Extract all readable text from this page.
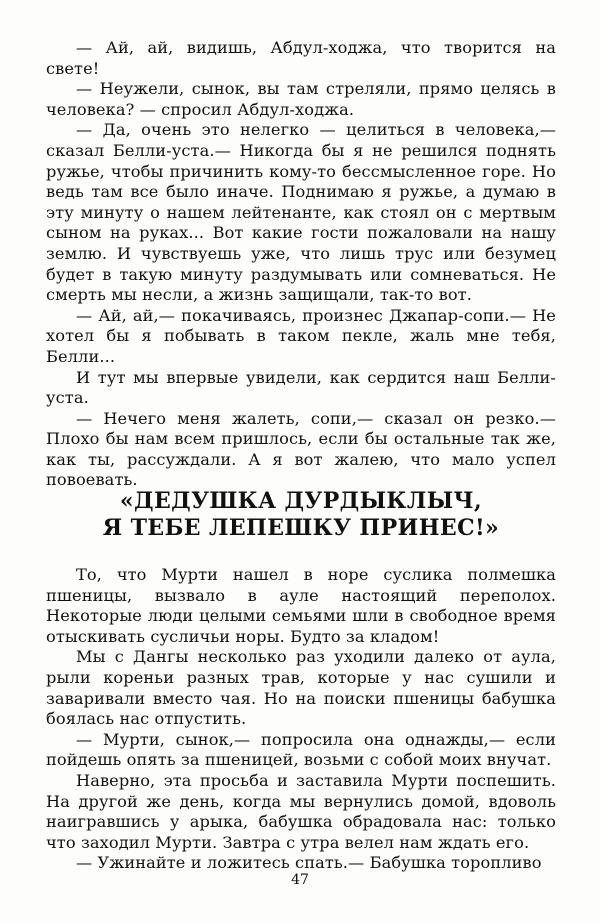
— Ай, ай, видишь, Абдул-ходжа, что творится на свете!

— Неужели, сынок, вы там стреляли, прямо целясь в человека? — спросил Абдул-ходжа.

— Да, очень это нелегко — целиться в человека,— сказал Белли-уста.— Никогда бы я не решился поднять ружье, чтобы причинить кому-то бессмысленное горе. Но ведь там все было иначе. Поднимаю я ружье, а думаю в эту минуту о нашем лейтенанте, как стоял он с мертвым сыном на руках... Вот какие гости пожаловали на нашу землю. И чувствуешь уже, что лишь трус или безумец будет в такую минуту раздумывать или сомневаться. Не смерть мы несли, а жизнь защищали, так-то вот.

— Ай, ай,— покачиваясь, произнес Джапар-сопи.— Не хотел бы я побывать в таком пекле, жаль мне тебя, Белли...

И тут мы впервые увидели, как сердится наш Белли-уста.

— Нечего меня жалеть, сопи,— сказал он резко.— Плохо бы нам всем пришлось, если бы остальные так же, как ты, рассуждали. А я вот жалею, что мало успел повоевать.

«ДЕДУШКА ДУРДЫКЛЫЧ,
Я ТЕБЕ ЛЕПЕШКУ ПРИНЕС!»

То, что Мурти нашел в норе суслика полмешка пшеницы, вызвало в ауле настоящий переполох. Некоторые люди целыми семьями шли в свободное время отыскивать сусличьи норы. Будто за кладом!

Мы с Дангы несколько раз уходили далеко от аула, рыли кореньи разных трав, которые у нас сушили и заваривали вместо чая. Но на поиски пшеницы бабушка боялась нас отпустить.

— Мурти, сынок,— попросила она однажды,— если пойдешь опять за пшеницей, возьми с собой моих внучат.

Наверно, эта просьба и заставила Мурти поспешить. На другой же день, когда мы вернулись домой, вдоволь наигравшись у арыка, бабушка обрадовала нас: только что заходил Мурти. Завтра с утра велел нам ждать его.

— Ужинайте и ложитесь спать.— Бабушка торопливо

47
